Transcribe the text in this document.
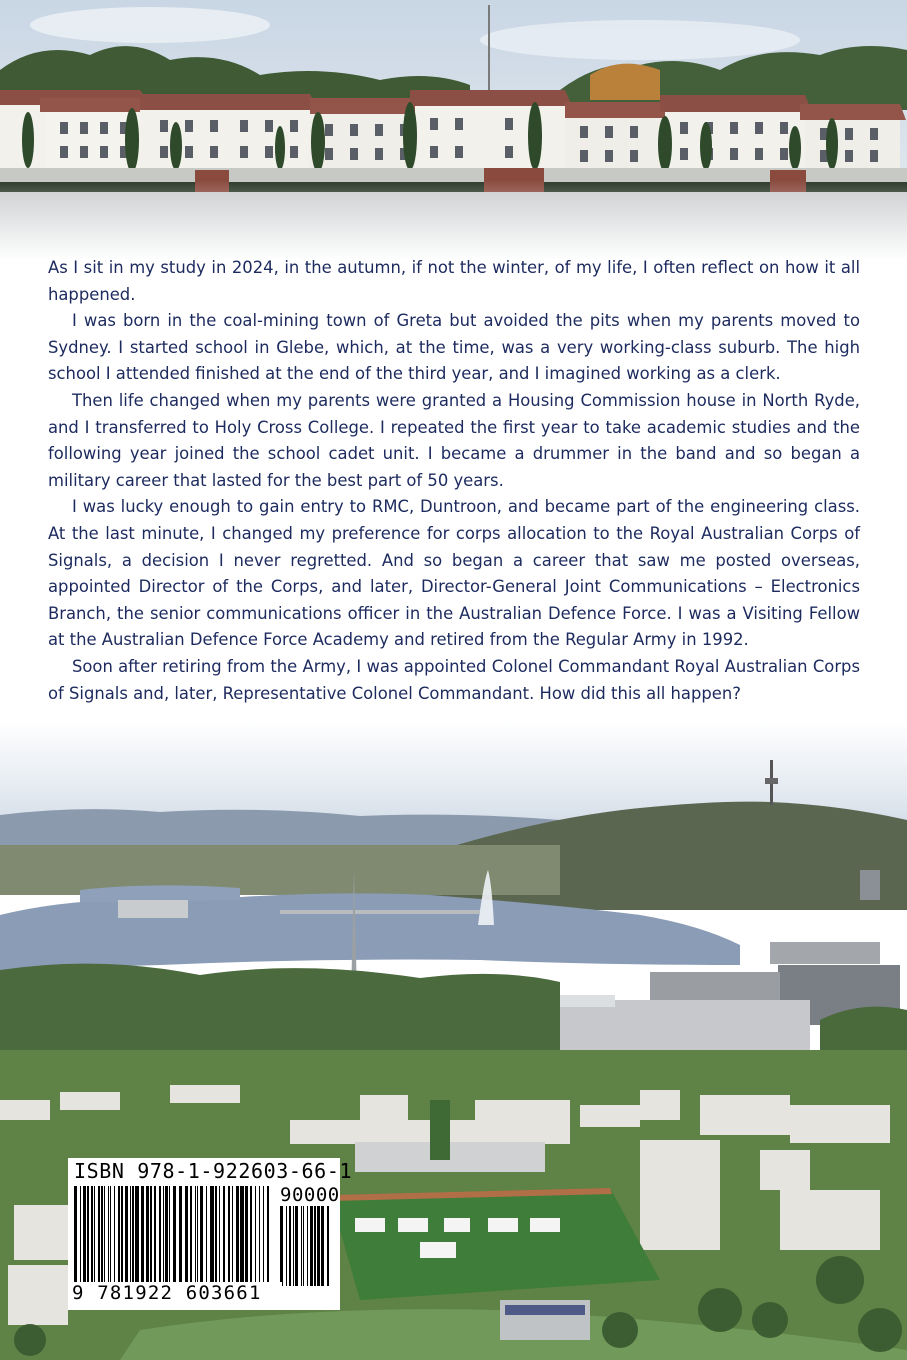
As I sit in my study in 2024, in the autumn, if not the winter, of my life, I often reflect on how it all happened.

I was born in the coal-mining town of Greta but avoided the pits when my parents moved to Sydney. I started school in Glebe, which, at the time, was a very working-class suburb. The high school I attended finished at the end of the third year, and I imagined working as a clerk.

Then life changed when my parents were granted a Housing Commission house in North Ryde, and I transferred to Holy Cross College. I repeated the first year to take academic studies and the following year joined the school cadet unit. I became a drummer in the band and so began a military career that lasted for the best part of 50 years.

I was lucky enough to gain entry to RMC, Duntroon, and became part of the engineering class. At the last minute, I changed my preference for corps allocation to the Royal Australian Corps of Signals, a decision I never regretted. And so began a career that saw me posted overseas, appointed Director of the Corps, and later, Director-General Joint Communications – Electronics Branch, the senior communications officer in the Australian Defence Force. I was a Visiting Fellow at the Australian Defence Force Academy and retired from the Regular Army in 1992.

Soon after retiring from the Army, I was appointed Colonel Commandant Royal Australian Corps of Signals and, later, Representative Colonel Commandant. How did this all happen?

ISBN 978-1-922603-66-1
90000
9 781922 603661
